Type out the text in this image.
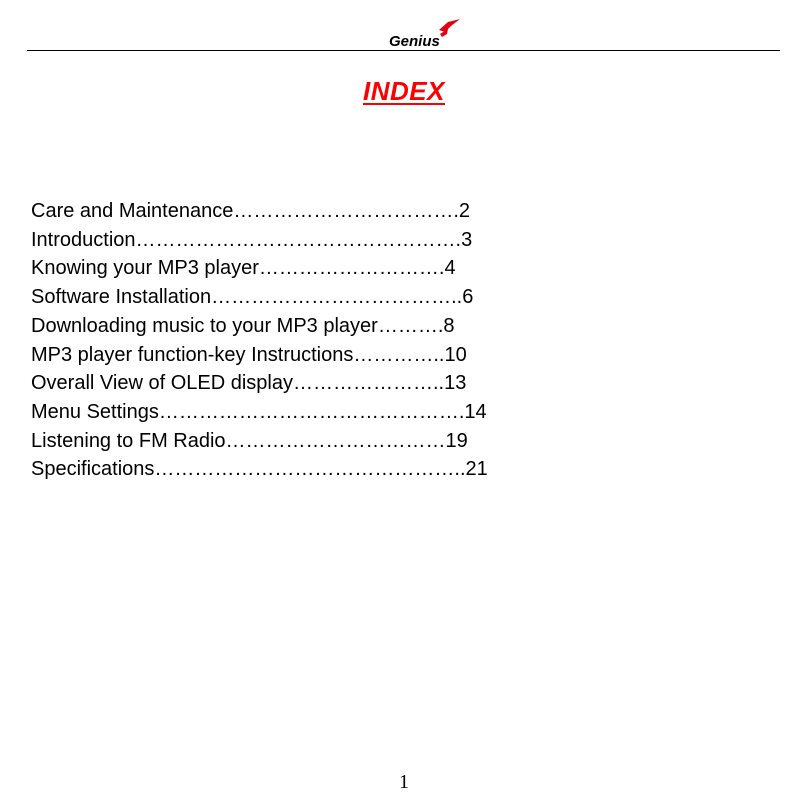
Genius
INDEX
Care and Maintenance…………………………….2
Introduction………………………………………….3
Knowing your MP3 player……………………….4
Software Installation………………………………..6
Downloading music to your MP3 player……….8
MP3 player function-key Instructions…………..10
Overall View of OLED display…………………..13
Menu Settings……………………………………….14
Listening to FM Radio……………………………19
Specifications………………………………………..21
1
